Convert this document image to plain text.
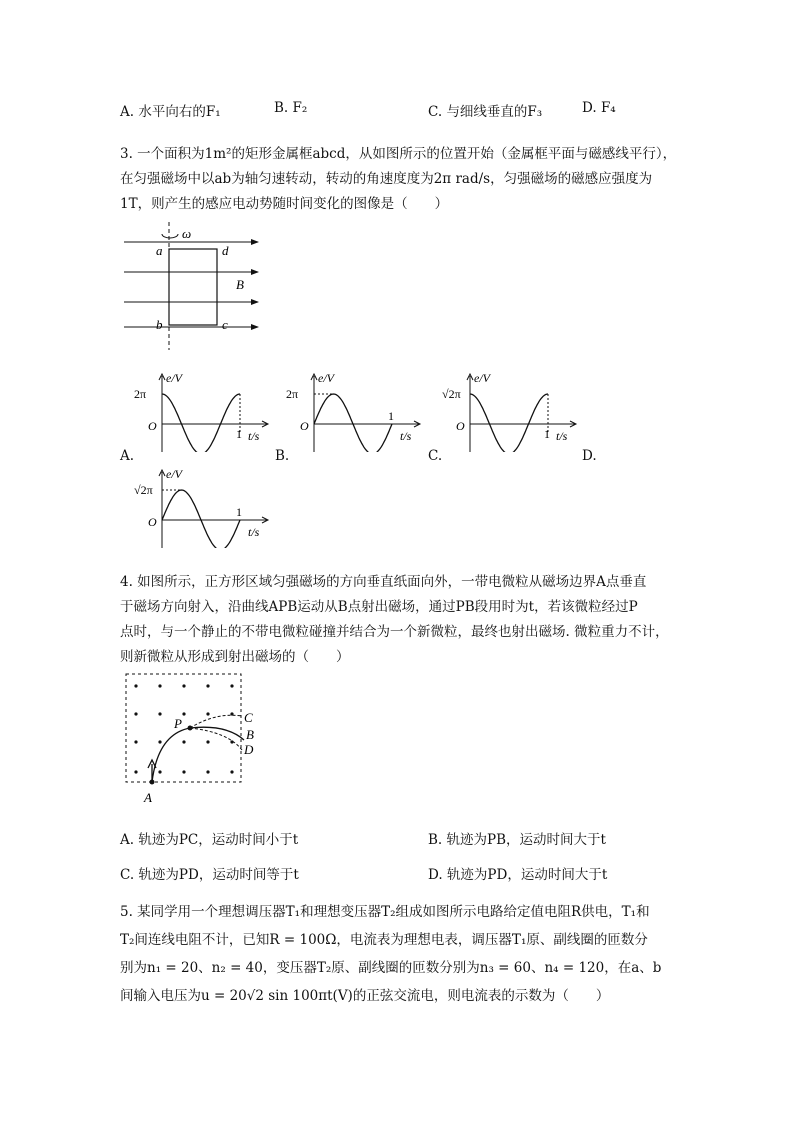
A. 水平向右的F₁	B. F₂	C. 与细线垂直的F₃	D. F₄
3. 一个面积为1m²的矩形金属框abcd，从如图所示的位置开始（金属框平面与磁感线平行），
在匀强磁场中以ab为轴匀速转动，转动的角速度度为2π rad/s，匀强磁场的磁感应强度为
1T，则产生的感应电动势随时间变化的图像是（　　）
ω
a	d
b	c
B
e/V
2π
O
1 t/s
A.
e/V
2π
O
1
t/s
B.
e/V
√2π
O
1 t/s
C.
e/V
√2π
O
1
t/s
D.
4. 如图所示，正方形区域匀强磁场的方向垂直纸面向外，一带电微粒从磁场边界A点垂直
于磁场方向射入，沿曲线APB运动从B点射出磁场，通过PB段用时为t，若该微粒经过P
点时，与一个静止的不带电微粒碰撞并结合为一个新微粒，最终也射出磁场. 微粒重力不计，
则新微粒从形成到射出磁场的（　　）
A
P	C
B
D
A. 轨迹为PC，运动时间小于t	B. 轨迹为PB，运动时间大于t
C. 轨迹为PD，运动时间等于t	D. 轨迹为PD，运动时间大于t
5. 某同学用一个理想调压器T₁和理想变压器T₂组成如图所示电路给定值电阻R供电，T₁和
T₂间连线电阻不计，已知R = 100Ω，电流表为理想电表，调压器T₁原、副线圈的匝数分
别为n₁ = 20、n₂ = 40，变压器T₂原、副线圈的匝数分别为n₃ = 60、n₄ = 120，在a、b
间输入电压为u = 20√2 sin 100πt(V)的正弦交流电，则电流表的示数为（　　）
